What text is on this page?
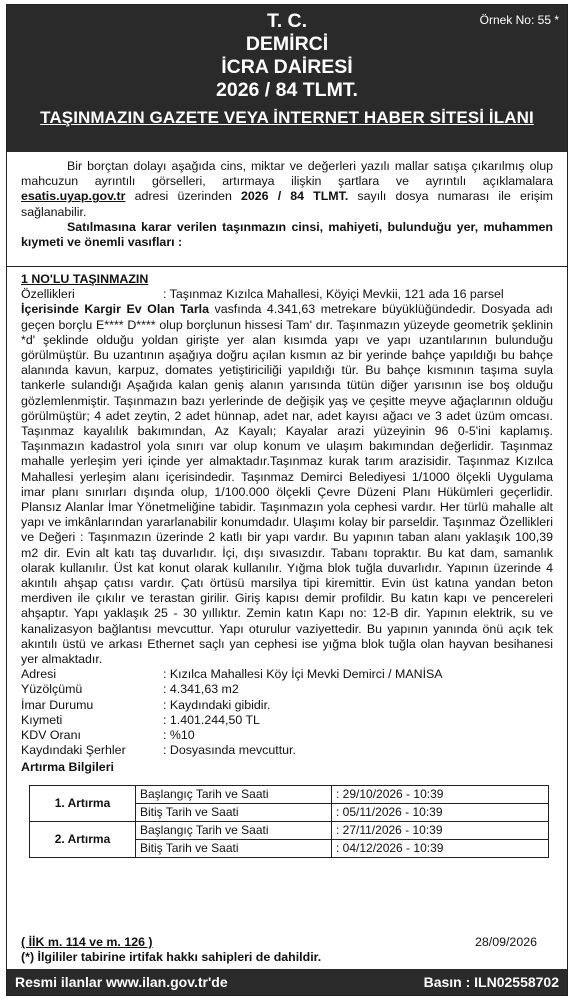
Örnek No: 55 *
T. C.
DEMİRCİ
İCRA DAİRESİ
2026 / 84 TLMT.
TAŞINMAZIN GAZETE VEYA İNTERNET HABER SİTESİ İLANI

Bir borçtan dolayı aşağıda cins, miktar ve değerleri yazılı mallar satışa çıkarılmış olup mahcuzun ayrıntılı görselleri, artırmaya ilişkin şartlara ve ayrıntılı açıklamalara esatis.uyap.gov.tr adresi üzerinden 2026 / 84 TLMT. sayılı dosya numarası ile erişim sağlanabilir.

Satılmasına karar verilen taşınmazın cinsi, mahiyeti, bulunduğu yer, muhammen kıymeti ve önemli vasıfları :

1 NO'LU TAŞINMAZIN
Özellikleri	: Taşınmaz Kızılca Mahallesi, Köyiçi Mevkii, 121 ada 16 parsel
İçerisinde Kargir Ev Olan Tarla vasfında 4.341,63 metrekare büyüklüğündedir. Dosyada adı geçen borçlu E**** D**** olup borçlunun hissesi Tam' dır. Taşınmazın yüzeyde geometrik şeklinin *d' şeklinde olduğu yoldan girişte yer alan kısımda yapı ve yapı uzantılarının bulunduğu görülmüştür. Bu uzantının aşağıya doğru açılan kısmın az bir yerinde bahçe yapıldığı bu bahçe alanında kavun, karpuz, domates yetiştiriciliği yapıldığı tür. Bu bahçe kısmının taşıma suyla tankerle sulandığı Aşağıda kalan geniş alanın yarısında tütün diğer yarısının ise boş olduğu gözlemlenmiştir. Taşınmazın bazı yerlerinde de değişik yaş ve çeşitte meyve ağaçlarının olduğu görülmüştür; 4 adet zeytin, 2 adet hünnap, adet nar, adet kayısı ağacı ve 3 adet üzüm omcası. Taşınmaz kayalılık bakımından, Az Kayalı; Kayalar arazi yüzeyinin 96 0-5'ini kaplamış. Taşınmazın kadastrol yola sınırı var olup konum ve ulaşım bakımından değerlidir. Taşınmaz mahalle yerleşim yeri içinde yer almaktadır.Taşınmaz kurak tarım arazisidir. Taşınmaz Kızılca Mahallesi yerleşim alanı içerisindedir. Taşınmaz Demirci Belediyesi 1/1000 ölçekli Uygulama imar planı sınırları dışında olup, 1/100.000 ölçekli Çevre Düzeni Planı Hükümleri geçerlidir. Plansız Alanlar İmar Yönetmeliğine tabidir. Taşınmazın yola cephesi vardır. Her türlü mahalle alt yapı ve imkânlarından yararlanabilir konumdadır. Ulaşımı kolay bir parseldir. Taşınmaz Özellikleri ve Değeri : Taşınmazın üzerinde 2 katlı bir yapı vardır. Bu yapının taban alanı yaklaşık 100,39 m2 dir. Evin alt katı taş duvarlıdır. İçi, dışı sıvasızdır. Tabanı topraktır. Bu kat dam, samanlık olarak kullanılır. Üst kat konut olarak kullanılır. Yığma blok tuğla duvarlıdır. Yapının üzerinde 4 akıntılı ahşap çatısı vardır. Çatı örtüsü marsilya tipi kiremittir. Evin üst katına yandan beton merdiven ile çıkılır ve terastan girilir. Giriş kapısı demir profildir. Bu katın kapı ve pencereleri ahşaptır. Yapı yaklaşık 25 - 30 yıllıktır. Zemin katın Kapı no: 12-B dir. Yapının elektrik, su ve kanalizasyon bağlantısı mevcuttur. Yapı oturulur vaziyettedir. Bu yapının yanında önü açık tek akıntılı üstü ve arkası Ethernet saçlı yan cephesi ise yığma blok tuğla olan hayvan besihanesi yer almaktadır.
Adresi	: Kızılca Mahallesi Köy İçi Mevki Demirci / MANİSA
Yüzölçümü	: 4.341,63 m2
İmar Durumu	: Kaydındaki gibidir.
Kıymeti	: 1.401.244,50 TL
KDV Oranı	: %10
Kaydındaki Şerhler	: Dosyasında mevcuttur.
Artırma Bilgileri
1. Artırma	Başlangıç Tarih ve Saati	: 29/10/2026 - 10:39
	Bitiş Tarih ve Saati	: 05/11/2026 - 10:39
2. Artırma	Başlangıç Tarih ve Saati	: 27/11/2026 - 10:39
	Bitiş Tarih ve Saati	: 04/12/2026 - 10:39
( İİK m. 114 ve m. 126 )	28/09/2026
(*) İlgililer tabirine irtifak hakkı sahipleri de dahildir.
Resmi ilanlar www.ilan.gov.tr'de	Basın : ILN02558702
